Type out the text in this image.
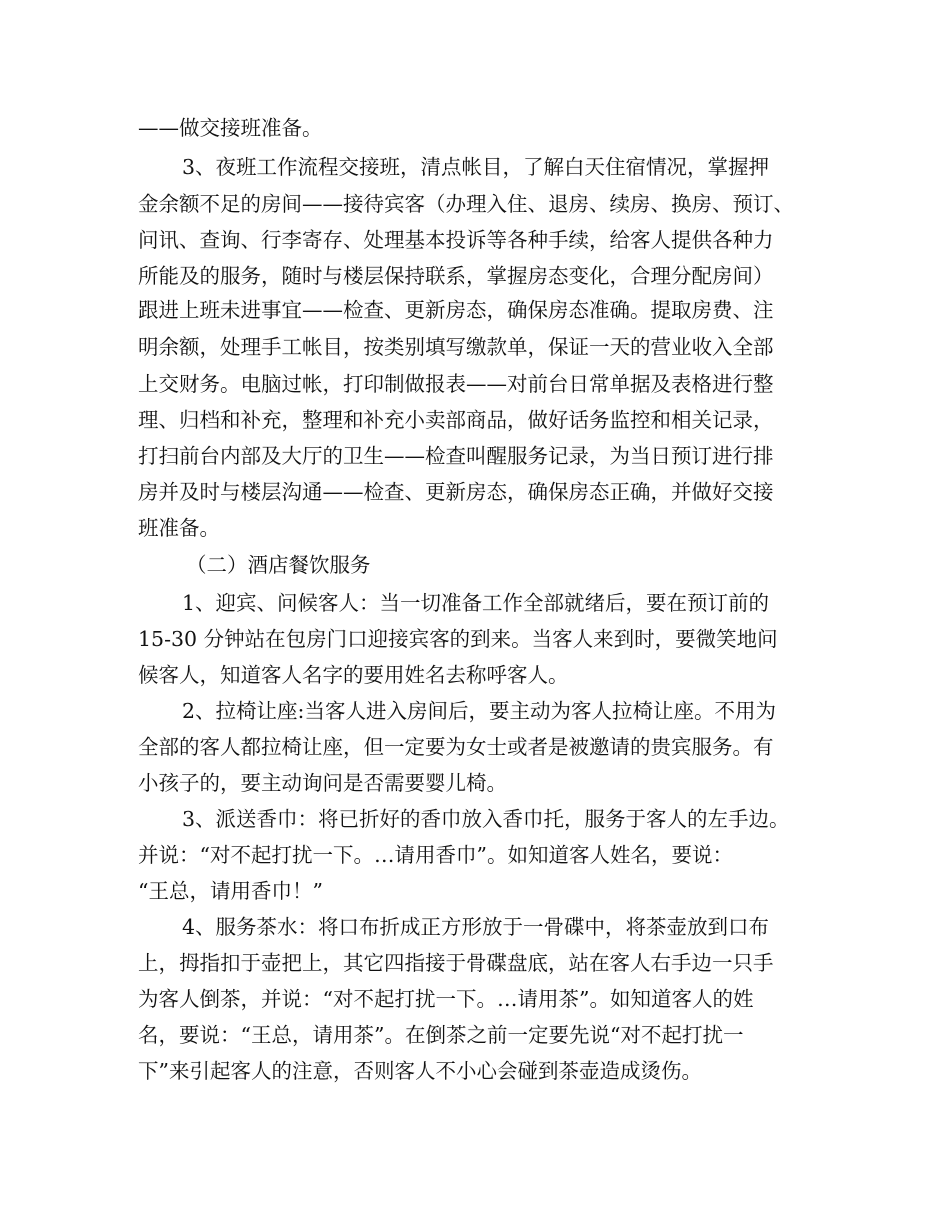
——做交接班准备。
3、夜班工作流程交接班，清点帐目，了解白天住宿情况，掌握押
金余额不足的房间——接待宾客（办理入住、退房、续房、换房、预订、
问讯、查询、行李寄存、处理基本投诉等各种手续，给客人提供各种力
所能及的服务，随时与楼层保持联系，掌握房态变化，合理分配房间）
跟进上班未进事宜——检查、更新房态，确保房态准确。提取房费、注
明余额，处理手工帐目，按类别填写缴款单，保证一天的营业收入全部
上交财务。电脑过帐，打印制做报表——对前台日常单据及表格进行整
理、归档和补充，整理和补充小卖部商品，做好话务监控和相关记录，
打扫前台内部及大厅的卫生——检查叫醒服务记录，为当日预订进行排
房并及时与楼层沟通——检查、更新房态，确保房态正确，并做好交接
班准备。
（二）酒店餐饮服务
1、迎宾、问候客人：当一切准备工作全部就绪后，要在预订前的
15-30 分钟站在包房门口迎接宾客的到来。当客人来到时，要微笑地问
候客人，知道客人名字的要用姓名去称呼客人。
2、拉椅让座:当客人进入房间后，要主动为客人拉椅让座。不用为
全部的客人都拉椅让座，但一定要为女士或者是被邀请的贵宾服务。有
小孩子的，要主动询问是否需要婴儿椅。
3、派送香巾：将已折好的香巾放入香巾托，服务于客人的左手边。
并说：“对不起打扰一下。…请用香巾”。如知道客人姓名，要说：
“王总，请用香巾！”
4、服务茶水：将口布折成正方形放于一骨碟中，将茶壶放到口布
上，拇指扣于壶把上，其它四指接于骨碟盘底，站在客人右手边一只手
为客人倒茶，并说：“对不起打扰一下。…请用茶”。如知道客人的姓
名，要说：“王总，请用茶”。在倒茶之前一定要先说“对不起打扰一
下”来引起客人的注意，否则客人不小心会碰到茶壶造成烫伤。
